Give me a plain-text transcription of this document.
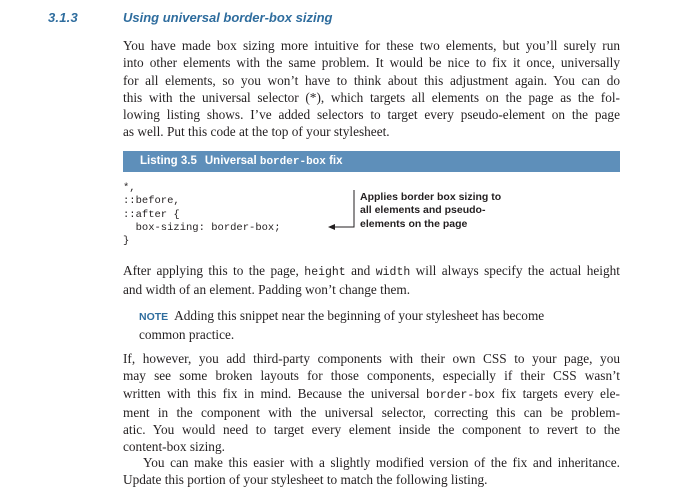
3.1.3	Using universal border-box sizing
You have made box sizing more intuitive for these two elements, but you’ll surely run
into other elements with the same problem. It would be nice to fix it once, universally
for all elements, so you won’t have to think about this adjustment again. You can do
this with the universal selector (*), which targets all elements on the page as the fol-
lowing listing shows. I’ve added selectors to target every pseudo-element on the page
as well. Put this code at the top of your stylesheet.
Listing 3.5 Universal border-box fix
*,
::before,
::after {
box-sizing: border-box;
}
Applies border box sizing to
all elements and pseudo-
elements on the page
After applying this to the page, height and width will always specify the actual height
and width of an element. Padding won’t change them.
NOTE Adding this snippet near the beginning of your stylesheet has become
common practice.
If, however, you add third-party components with their own CSS to your page, you
may see some broken layouts for those components, especially if their CSS wasn’t
written with this fix in mind. Because the universal border-box fix targets every ele-
ment in the component with the universal selector, correcting this can be problem-
atic. You would need to target every element inside the component to revert to the
content-box sizing.
You can make this easier with a slightly modified version of the fix and inheritance.
Update this portion of your stylesheet to match the following listing.
